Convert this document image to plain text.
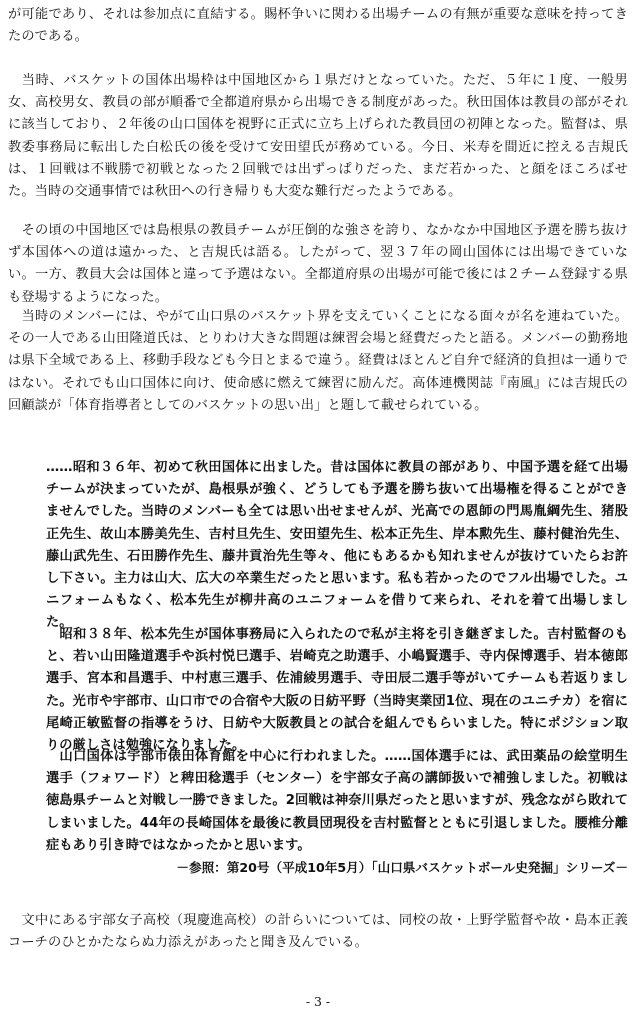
が可能であり、それは参加点に直結する。賜杯争いに関わる出場チームの有無が重要な意味を持ってきたのである。

　当時、バスケットの国体出場枠は中国地区から１県だけとなっていた。ただ、５年に１度、一般男女、高校男女、教員の部が順番で全都道府県から出場できる制度があった。秋田国体は教員の部がそれに該当しており、２年後の山口国体を視野に正式に立ち上げられた教員団の初陣となった。監督は、県教委事務局に転出した白松氏の後を受けて安田望氏が務めている。今日、米寿を間近に控える吉規氏は、１回戦は不戦勝で初戦となった２回戦では出ずっぱりだった、まだ若かった、と顔をほころばせた。当時の交通事情では秋田への行き帰りも大変な難行だったようである。

　その頃の中国地区では島根県の教員チームが圧倒的な強さを誇り、なかなか中国地区予選を勝ち抜けず本国体への道は遠かった、と吉規氏は語る。したがって、翌３７年の岡山国体には出場できていない。一方、教員大会は国体と違って予選はない。全都道府県の出場が可能で後には２チーム登録する県も登場するようになった。

　当時のメンバーには、やがて山口県のバスケット界を支えていくことになる面々が名を連ねていた。その一人である山田隆道氏は、とりわけ大きな問題は練習会場と経費だったと語る。メンバーの勤務地は県下全域である上、移動手段なども今日とまるで違う。経費はほとんど自弁で経済的負担は一通りではない。それでも山口国体に向け、使命感に燃えて練習に励んだ。高体連機関誌『南風』には吉規氏の回顧談が「体育指導者としてのバスケットの思い出」と題して載せられている。

……昭和３６年、初めて秋田国体に出ました。昔は国体に教員の部があり、中国予選を経て出場チームが決まっていたが、島根県が強く、どうしても予選を勝ち抜いて出場権を得ることができませんでした。当時のメンバーも全ては思い出せませんが、光高での恩師の門馬胤綱先生、猪股正先生、故山本勝美先生、吉村旦先生、安田望先生、松本正先生、岸本勲先生、藤村健治先生、藤山武先生、石田勝作先生、藤井貢治先生等々、他にもあるかも知れませんが抜けていたらお許し下さい。主力は山大、広大の卒業生だったと思います。私も若かったのでフル出場でした。ユニフォームもなく、松本先生が柳井高のユニフォームを借りて来られ、それを着て出場しました。

　昭和３８年、松本先生が国体事務局に入られたので私が主将を引き継ぎました。吉村監督のもと、若い山田隆道選手や浜村悦巳選手、岩崎克之助選手、小嶋賢選手、寺内保博選手、岩本徳郎選手、宮本和昌選手、中村恵三選手、佐浦綾男選手、寺田辰二選手等がいてチームも若返りました。光市や宇部市、山口市での合宿や大阪の日紡平野（当時実業団1位、現在のユニチカ）を宿に尾崎正敏監督の指導をうけ、日紡や大阪教員との試合を組んでもらいました。特にポジション取りの厳しさは勉強になりました。

　山口国体は宇部市俵田体育館を中心に行われました。……国体選手には、武田薬品の絵堂明生選手（フォワード）と稗田稔選手（センター）を宇部女子高の講師扱いで補強しました。初戦は徳島県チームと対戦し一勝できました。2回戦は神奈川県だったと思いますが、残念ながら敗れてしまいました。44年の長崎国体を最後に教員団現役を吉村監督とともに引退しました。腰椎分離症もあり引き時ではなかったかと思います。

－参照：第20号（平成10年5月）「山口県バスケットボール史発掘」シリーズ－

　文中にある宇部女子高校（現慶進高校）の計らいについては、同校の故・上野学監督や故・島本正義コーチのひとかたならぬ力添えがあったと聞き及んでいる。

- 3 -
